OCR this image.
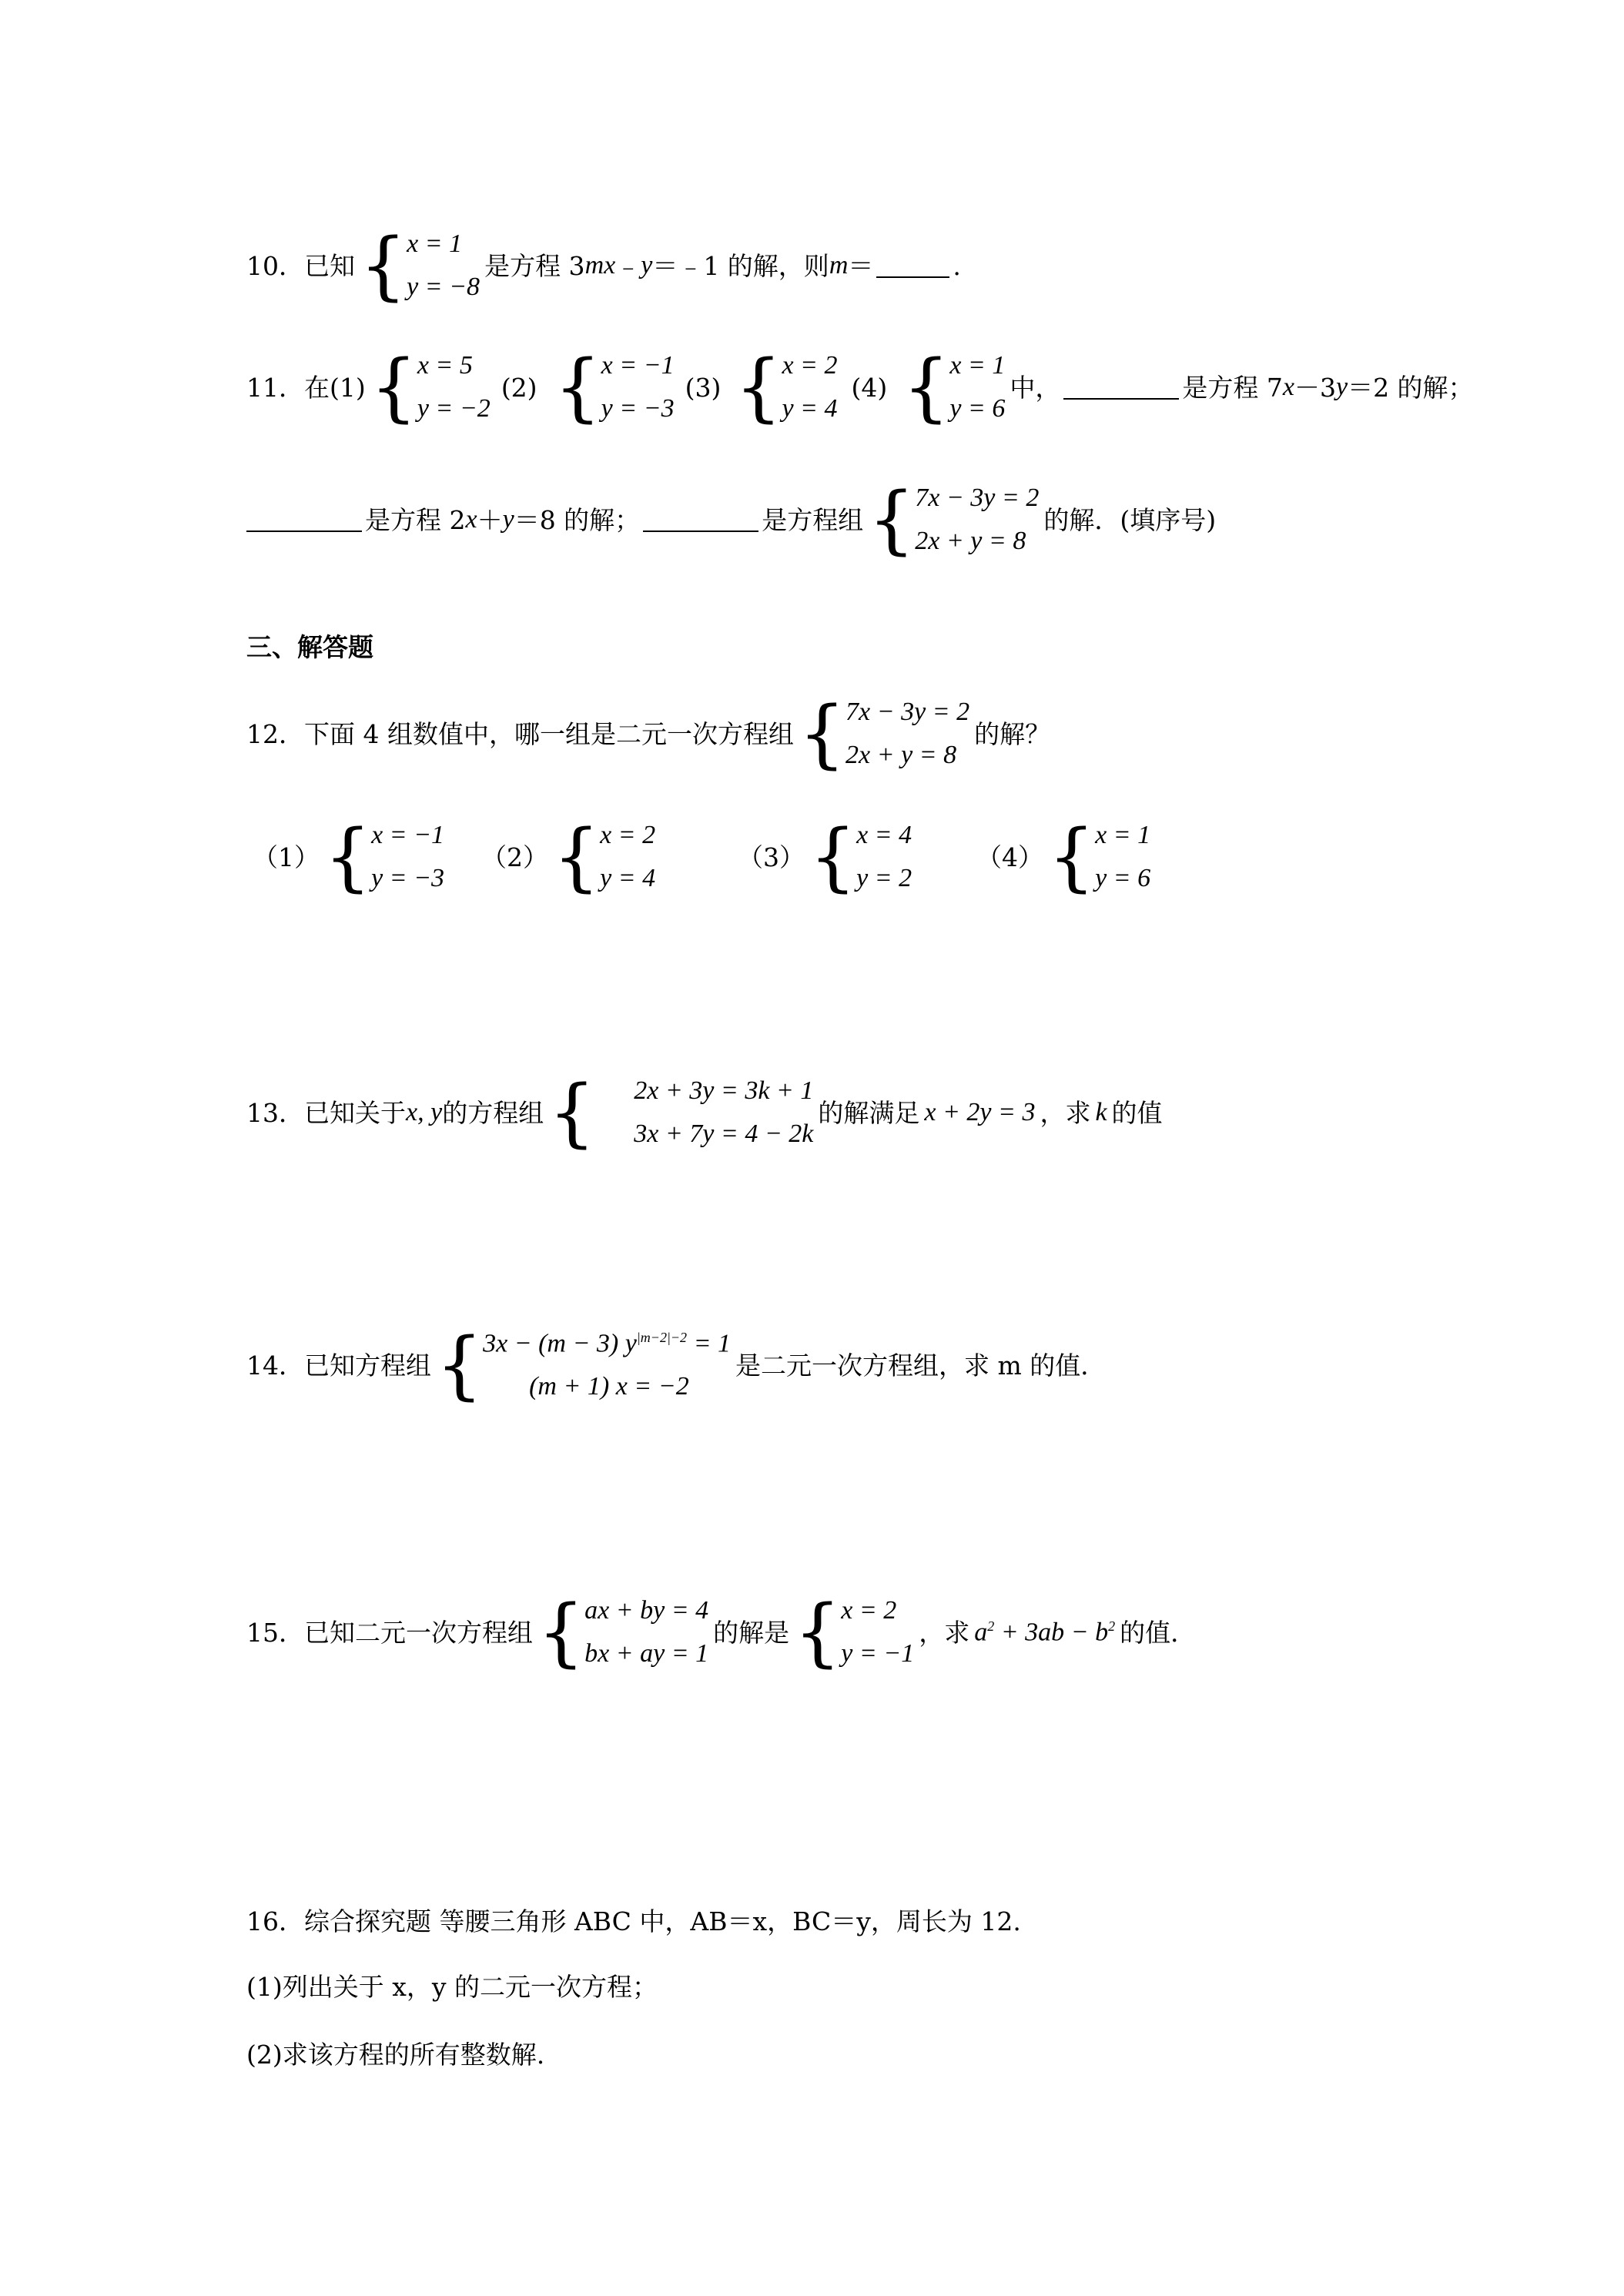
10．已知 { x = 1
y = −8
是方程 3 mx ﹣ y ＝﹣1 的解，则 m ＝	.
11．在(1) { x = 5
y = −2
(2) { x = −1
y = −3
(3) { x = 2
y = 4
(4) { x = 1
y = 6
中，	是方程 7 x －3 y ＝2 的解；
是方程 2 x ＋ y ＝8 的解；	是方程组 { 7x − 3y = 2
2x + y = 8
的解．(填序号)
三、解答题
12．下面 4 组数值中，哪一组是二元一次方程组 { 7x − 3y = 2
2x + y = 8
的解？
（1） { x = −1
y = −3
（2） { x = 2
y = 4
（3） { x = 4
y = 2
（4） { x = 1
y = 6
13．已知关于 x, y 的方程组 { 2x + 3y = 3k + 1
3x + 7y = 4 − 2k
的解满足 x + 2y = 3 ，求 k 的值
14．已知方程组 { 3x − (m − 3) $y^{|m-2|-2} = 1$
(m + 1) x = −2
是二元一次方程组，求 m 的值．
15．已知二元一次方程组 { ax + by = 4
bx + ay = 1
的解是 { x = 2
y = −1
，求 $a^2 + 3ab - b^2$ 的值．
16．综合探究题 等腰三角形 ABC 中，AB＝x，BC＝y，周长为 12.
(1)列出关于 x，y 的二元一次方程；
(2)求该方程的所有整数解.
